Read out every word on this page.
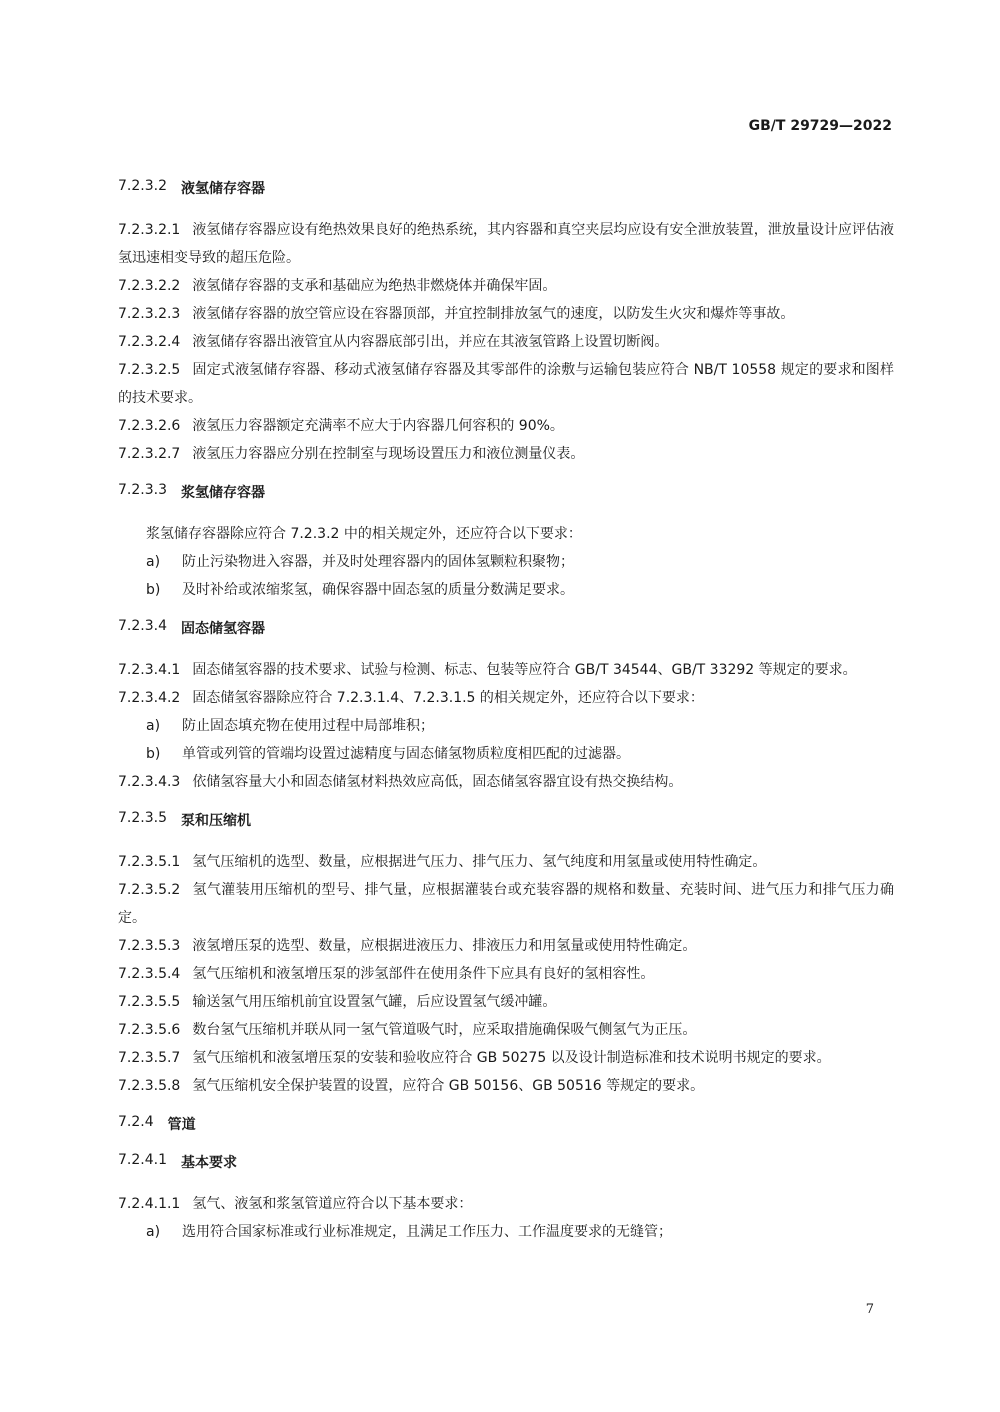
GB/T 29729—2022
7.2.3.2 液氢储存容器

7.2.3.2.1 液氢储存容器应设有绝热效果良好的绝热系统，其内容器和真空夹层均应设有安全泄放装置，泄放量设计应评估液氢迅速相变导致的超压危险。

7.2.3.2.2 液氢储存容器的支承和基础应为绝热非燃烧体并确保牢固。

7.2.3.2.3 液氢储存容器的放空管应设在容器顶部，并宜控制排放氢气的速度，以防发生火灾和爆炸等事故。

7.2.3.2.4 液氢储存容器出液管宜从内容器底部引出，并应在其液氢管路上设置切断阀。

7.2.3.2.5 固定式液氢储存容器、移动式液氢储存容器及其零部件的涂敷与运输包装应符合 NB/T 10558 规定的要求和图样的技术要求。

7.2.3.2.6 液氢压力容器额定充满率不应大于内容器几何容积的 90%。

7.2.3.2.7 液氢压力容器应分别在控制室与现场设置压力和液位测量仪表。

7.2.3.3 浆氢储存容器

浆氢储存容器除应符合 7.2.3.2 中的相关规定外，还应符合以下要求：

a)	防止污染物进入容器，并及时处理容器内的固体氢颗粒积聚物；

b)	及时补给或浓缩浆氢，确保容器中固态氢的质量分数满足要求。

7.2.3.4 固态储氢容器

7.2.3.4.1 固态储氢容器的技术要求、试验与检测、标志、包装等应符合 GB/T 34544、GB/T 33292 等规定的要求。

7.2.3.4.2 固态储氢容器除应符合 7.2.3.1.4、7.2.3.1.5 的相关规定外，还应符合以下要求：

a)	防止固态填充物在使用过程中局部堆积；

b)	单管或列管的管端均设置过滤精度与固态储氢物质粒度相匹配的过滤器。

7.2.3.4.3 依储氢容量大小和固态储氢材料热效应高低，固态储氢容器宜设有热交换结构。

7.2.3.5 泵和压缩机

7.2.3.5.1 氢气压缩机的选型、数量，应根据进气压力、排气压力、氢气纯度和用氢量或使用特性确定。

7.2.3.5.2 氢气灌装用压缩机的型号、排气量，应根据灌装台或充装容器的规格和数量、充装时间、进气压力和排气压力确定。

7.2.3.5.3 液氢增压泵的选型、数量，应根据进液压力、排液压力和用氢量或使用特性确定。

7.2.3.5.4 氢气压缩机和液氢增压泵的涉氢部件在使用条件下应具有良好的氢相容性。

7.2.3.5.5 输送氢气用压缩机前宜设置氢气罐，后应设置氢气缓冲罐。

7.2.3.5.6 数台氢气压缩机并联从同一氢气管道吸气时，应采取措施确保吸气侧氢气为正压。

7.2.3.5.7 氢气压缩机和液氢增压泵的安装和验收应符合 GB 50275 以及设计制造标准和技术说明书规定的要求。

7.2.3.5.8 氢气压缩机安全保护装置的设置，应符合 GB 50156、GB 50516 等规定的要求。

7.2.4 管道
7.2.4.1 基本要求

7.2.4.1.1 氢气、液氢和浆氢管道应符合以下基本要求：

a)	选用符合国家标准或行业标准规定，且满足工作压力、工作温度要求的无缝管；

7
